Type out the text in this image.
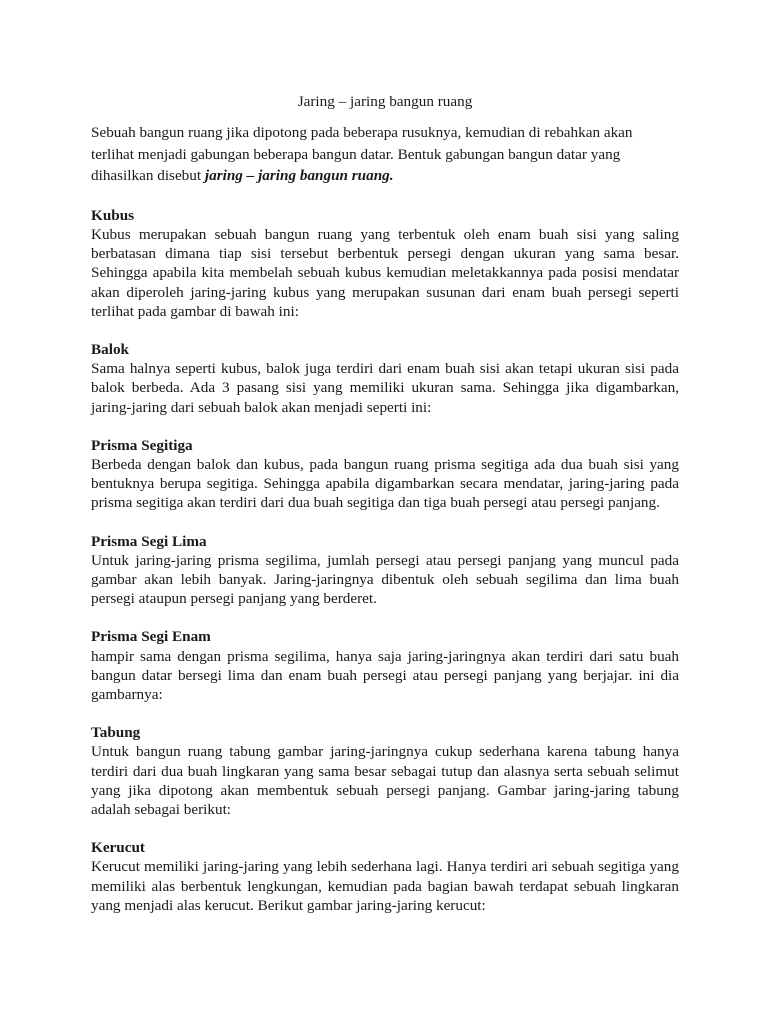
Jaring – jaring bangun ruang

Sebuah bangun ruang jika dipotong pada beberapa rusuknya, kemudian di rebahkan akan terlihat menjadi gabungan beberapa bangun datar. Bentuk gabungan bangun datar yang dihasilkan disebut jaring – jaring bangun ruang.

Kubus

Kubus merupakan sebuah bangun ruang yang terbentuk oleh enam buah sisi yang saling berbatasan dimana tiap sisi tersebut berbentuk persegi dengan ukuran yang sama besar. Sehingga apabila kita membelah sebuah kubus kemudian meletakkannya pada posisi mendatar akan diperoleh jaring-jaring kubus yang merupakan susunan dari enam buah persegi seperti terlihat pada gambar di bawah ini:

Balok

Sama halnya seperti kubus, balok juga terdiri dari enam buah sisi akan tetapi ukuran sisi pada balok berbeda. Ada 3 pasang sisi yang memiliki ukuran sama. Sehingga jika digambarkan, jaring-jaring dari sebuah balok akan menjadi seperti ini:

Prisma Segitiga

Berbeda dengan balok dan kubus, pada bangun ruang prisma segitiga ada dua buah sisi yang bentuknya berupa segitiga. Sehingga apabila digambarkan secara mendatar, jaring-jaring pada prisma segitiga akan terdiri dari dua buah segitiga dan tiga buah persegi atau persegi panjang.

Prisma Segi Lima

Untuk jaring-jaring prisma segilima, jumlah persegi atau persegi panjang yang muncul pada gambar akan lebih banyak. Jaring-jaringnya dibentuk oleh sebuah segilima dan lima buah persegi ataupun persegi panjang yang berderet.

Prisma Segi Enam

hampir sama dengan prisma segilima, hanya saja jaring-jaringnya akan terdiri dari satu buah bangun datar bersegi lima dan enam buah persegi atau persegi panjang yang berjajar. ini dia gambarnya:

Tabung

Untuk bangun ruang tabung gambar jaring-jaringnya cukup sederhana karena tabung hanya terdiri dari dua buah lingkaran yang sama besar sebagai tutup dan alasnya serta sebuah selimut yang jika dipotong akan membentuk sebuah persegi panjang. Gambar jaring-jaring tabung adalah sebagai berikut:

Kerucut

Kerucut memiliki jaring-jaring yang lebih sederhana lagi. Hanya terdiri ari sebuah segitiga yang memiliki alas berbentuk lengkungan, kemudian pada bagian bawah terdapat sebuah lingkaran yang menjadi alas kerucut. Berikut gambar jaring-jaring kerucut:
